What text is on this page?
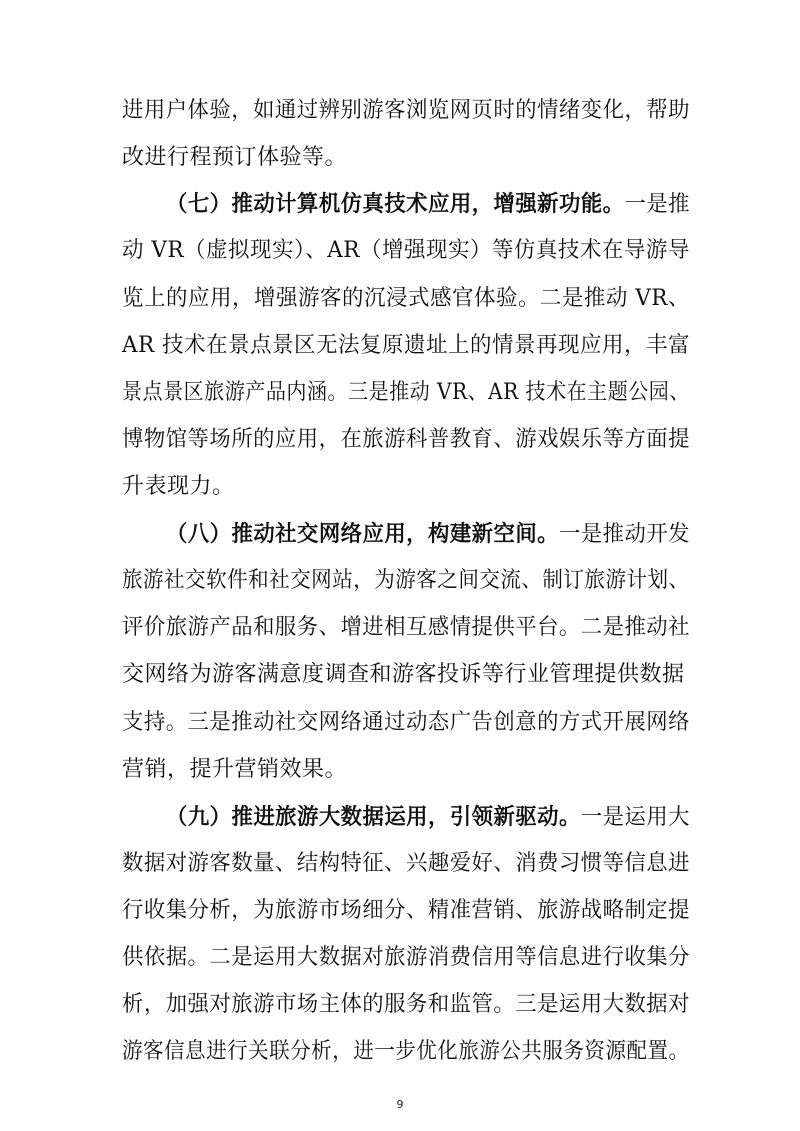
进用户体验，如通过辨别游客浏览网页时的情绪变化，帮助
改进行程预订体验等。
（七）推动计算机仿真技术应用，增强新功能。一是推
动 VR（虚拟现实）、AR（增强现实）等仿真技术在导游导
览上的应用，增强游客的沉浸式感官体验。二是推动 VR、
AR 技术在景点景区无法复原遗址上的情景再现应用，丰富
景点景区旅游产品内涵。三是推动 VR、AR 技术在主题公园、
博物馆等场所的应用，在旅游科普教育、游戏娱乐等方面提
升表现力。
（八）推动社交网络应用，构建新空间。一是推动开发
旅游社交软件和社交网站，为游客之间交流、制订旅游计划、
评价旅游产品和服务、增进相互感情提供平台。二是推动社
交网络为游客满意度调查和游客投诉等行业管理提供数据
支持。三是推动社交网络通过动态广告创意的方式开展网络
营销，提升营销效果。
（九）推进旅游大数据运用，引领新驱动。一是运用大
数据对游客数量、结构特征、兴趣爱好、消费习惯等信息进
行收集分析，为旅游市场细分、精准营销、旅游战略制定提
供依据。二是运用大数据对旅游消费信用等信息进行收集分
析，加强对旅游市场主体的服务和监管。三是运用大数据对
游客信息进行关联分析，进一步优化旅游公共服务资源配置。
9
